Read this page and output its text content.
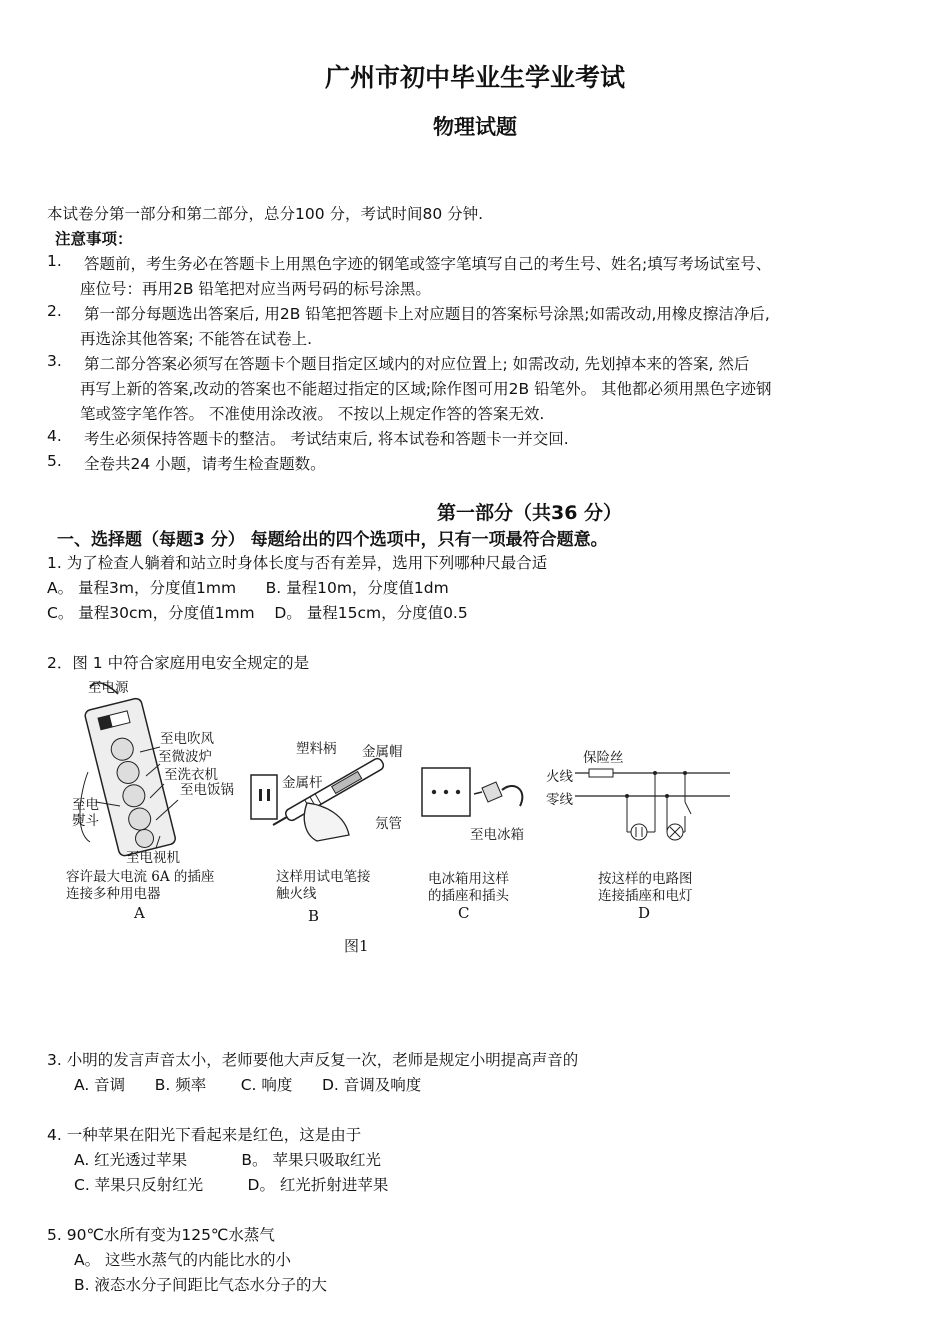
广州市初中毕业生学业考试
物理试题
本试卷分第一部分和第二部分，总分100 分，考试时间80 分钟.
注意事项：
1. 答题前，考生务必在答题卡上用黑色字迹的钢笔或签字笔填写自己的考生号、姓名;填写考场试室号、
座位号：再用2B 铅笔把对应当两号码的标号涂黑。
2. 第一部分每题选出答案后, 用2B 铅笔把答题卡上对应题目的答案标号涂黑;如需改动,用橡皮擦洁净后,
再选涂其他答案; 不能答在试卷上.
3. 第二部分答案必须写在答题卡个题目指定区域内的对应位置上; 如需改动, 先划掉本来的答案, 然后
再写上新的答案,改动的答案也不能超过指定的区域;除作图可用2B 铅笔外。 其他都必须用黑色字迹钢
笔或签字笔作答。 不准使用涂改液。 不按以上规定作答的答案无效.
4. 考生必须保持答题卡的整洁。 考试结束后, 将本试卷和答题卡一并交回.
5. 全卷共24 小题，请考生检查题数。
第一部分（共36 分）
一、选择题（每题3 分） 每题给出的四个选项中，只有一项最符合题意。
1. 为了检查人躺着和站立时身体长度与否有差异，选用下列哪种尺最合适
A。 量程3m，分度值1mm      B. 量程10m，分度值1dm
C。 量程30cm，分度值1mm    D。 量程15cm，分度值0.5
2．图 1 中符合家庭用电安全规定的是
至电源
至电吹风
至微波炉
至洗衣机
至电饭锅
至电
熨斗
至电视机
容许最大电流 6A 的插座
连接多种用电器
A
塑料柄 金属帽
金属杆
氖管
这样用试电笔接
触火线
B
至电冰箱
电冰箱用这样
的插座和插头
C
保险丝
火线
零线
按这样的电路图
连接插座和电灯
D
图1
3. 小明的发言声音太小，老师要他大声反复一次，老师是规定小明提高声音的
A. 音调      B. 频率       C. 响度      D. 音调及响度
4. 一种苹果在阳光下看起来是红色，这是由于
A. 红光透过苹果           B。 苹果只吸取红光
C. 苹果只反射红光         D。 红光折射进苹果
5. 90℃水所有变为125℃水蒸气
A。 这些水蒸气的内能比水的小
B. 液态水分子间距比气态水分子的大
